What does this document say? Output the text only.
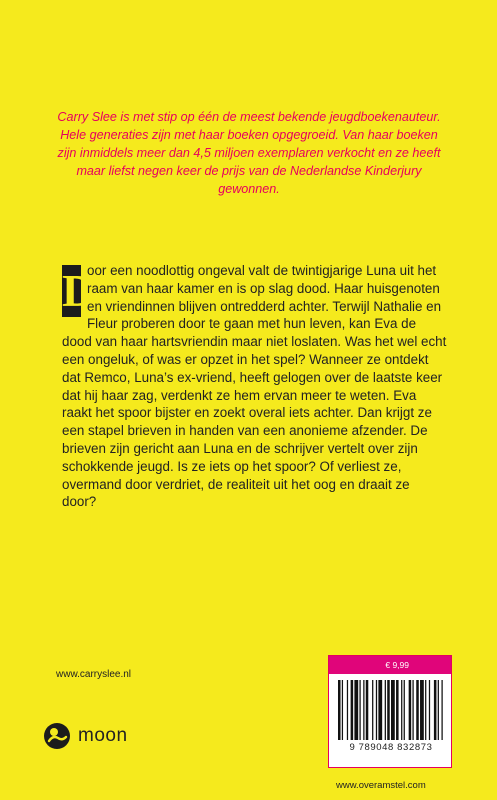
Carry Slee is met stip op één de meest bekende jeugdboekenauteur. Hele generaties zijn met haar boeken opgegroeid. Van haar boeken zijn inmiddels meer dan 4,5 miljoen exemplaren verkocht en ze heeft maar liefst negen keer de prijs van de Nederlandse Kinderjury gewonnen.

D
oor een noodlottig ongeval valt de twintigjarige Luna uit het raam van haar kamer en is op slag dood. Haar huisgenoten en vriendinnen blijven ontredderd achter. Terwijl Nathalie en Fleur proberen door te gaan met hun leven, kan Eva de dood van haar hartsvriendin maar niet loslaten. Was het wel echt een ongeluk, of was er opzet in het spel? Wanneer ze ontdekt dat Remco, Luna’s ex-vriend, heeft gelogen over de laatste keer dat hij haar zag, verdenkt ze hem ervan meer te weten. Eva raakt het spoor bijster en zoekt overal iets achter. Dan krijgt ze een stapel brieven in handen van een anonieme afzender. De brieven zijn gericht aan Luna en de schrijver vertelt over zijn schokkende jeugd. Is ze iets op het spoor? Of verliest ze, overmand door verdriet, de realiteit uit het oog en draait ze door?

www.carryslee.nl

moon
€ 9,99
9 789048 832873

www.overamstel.com
